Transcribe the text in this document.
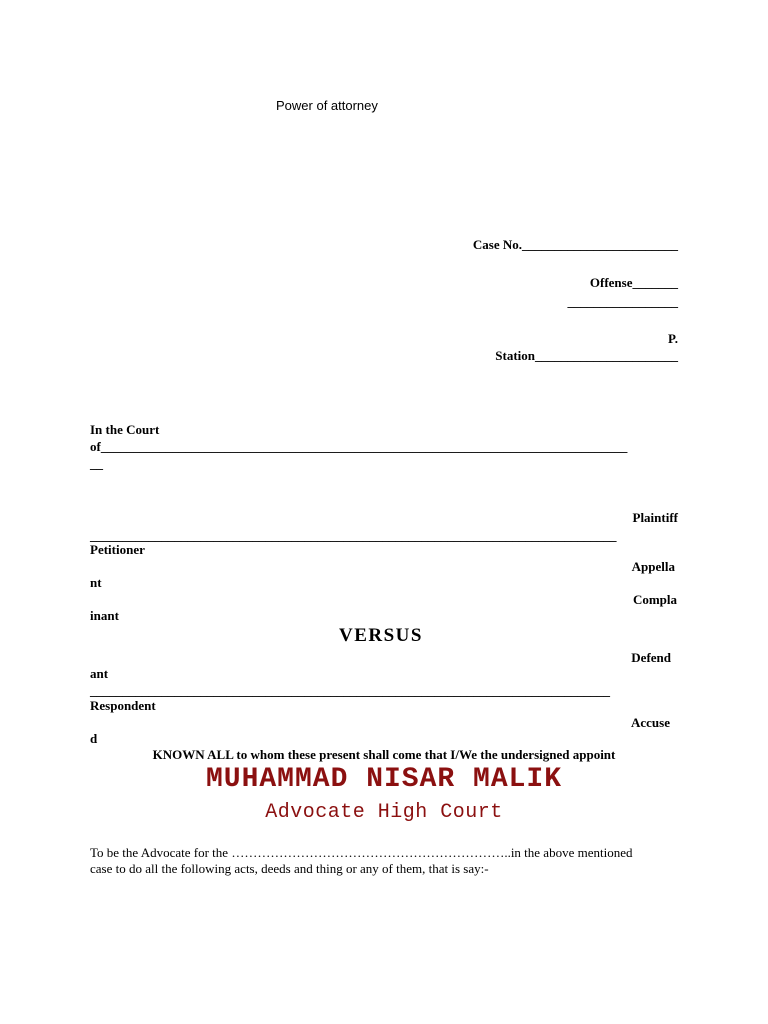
Power of attorney
Case No.________________________
Offense_______
_________________
P.
Station______________________
In the Court
of_________________________________________________________________________________
__
Plaintiff
_________________________________________________________________________________
Petitioner
Appella
nt
Compla
inant
VERSUS
Defend
ant
________________________________________________________________________________
Respondent
Accuse
d
KNOWN ALL to whom these present shall come that I/We the undersigned appoint
MUHAMMAD NISAR MALIK
Advocate High Court
To be the Advocate for the ………………………………………………………..in the above mentioned
case to do all the following acts, deeds and thing or any of them, that is say:-
